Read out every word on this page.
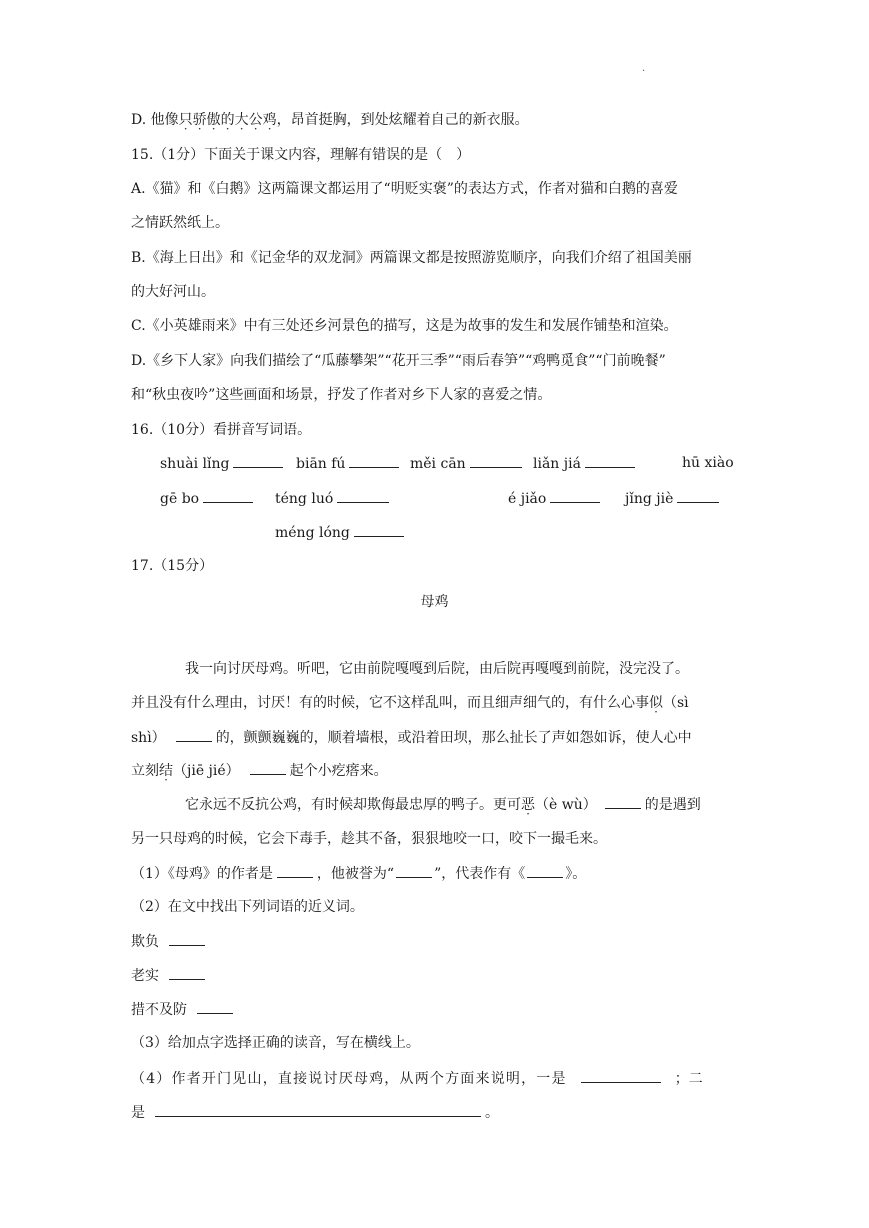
·
D. 他像只骄傲的大公鸡，昂首挺胸，到处炫耀着自己的新衣服。
15.（1分）下面关于课文内容，理解有错误的是（　）
A.《猫》和《白鹅》这两篇课文都运用了“明贬实褒”的表达方式，作者对猫和白鹅的喜爱
之情跃然纸上。
B.《海上日出》和《记金华的双龙洞》两篇课文都是按照游览顺序，向我们介绍了祖国美丽
的大好河山。
C.《小英雄雨来》中有三处还乡河景色的描写，这是为故事的发生和发展作铺垫和渲染。
D.《乡下人家》向我们描绘了“瓜藤攀架”“花开三季”“雨后春笋”“鸡鸭觅食”“门前晚餐”
和“秋虫夜吟”这些画面和场景，抒发了作者对乡下人家的喜爱之情。
16.（10分）看拼音写词语。
shuài lǐng	biān fú	měi cān	liǎn jiá	hū xiào
gē bo	téng luó	é jiǎo	jǐng jiè
méng lóng
17.（15分）
母鸡
我一向讨厌母鸡。听吧，它由前院嘎嘎到后院，由后院再嘎嘎到前院，没完没了。
并且没有什么理由，讨厌！有的时候，它不这样乱叫，而且细声细气的，有什么心事似（sì
shì）	的，颤颤巍巍的，顺着墙根，或沿着田坝，那么扯长了声如怨如诉，使人心中
立刻结（jiē jié）	起个小疙瘩来。
它永远不反抗公鸡，有时候却欺侮最忠厚的鸭子。更可恶（è wù）	的是遇到
另一只母鸡的时候，它会下毒手，趁其不备，狠狠地咬一口，咬下一撮毛来。
（1）《母鸡》的作者是	，他被誉为“	”，代表作有《	》。
（2）在文中找出下列词语的近义词。
欺负
老实
措不及防
（3）给加点字选择正确的读音，写在横线上。
（4）作者开门见山，直接说讨厌母鸡，从两个方面来说明，一是	；二
是	。
